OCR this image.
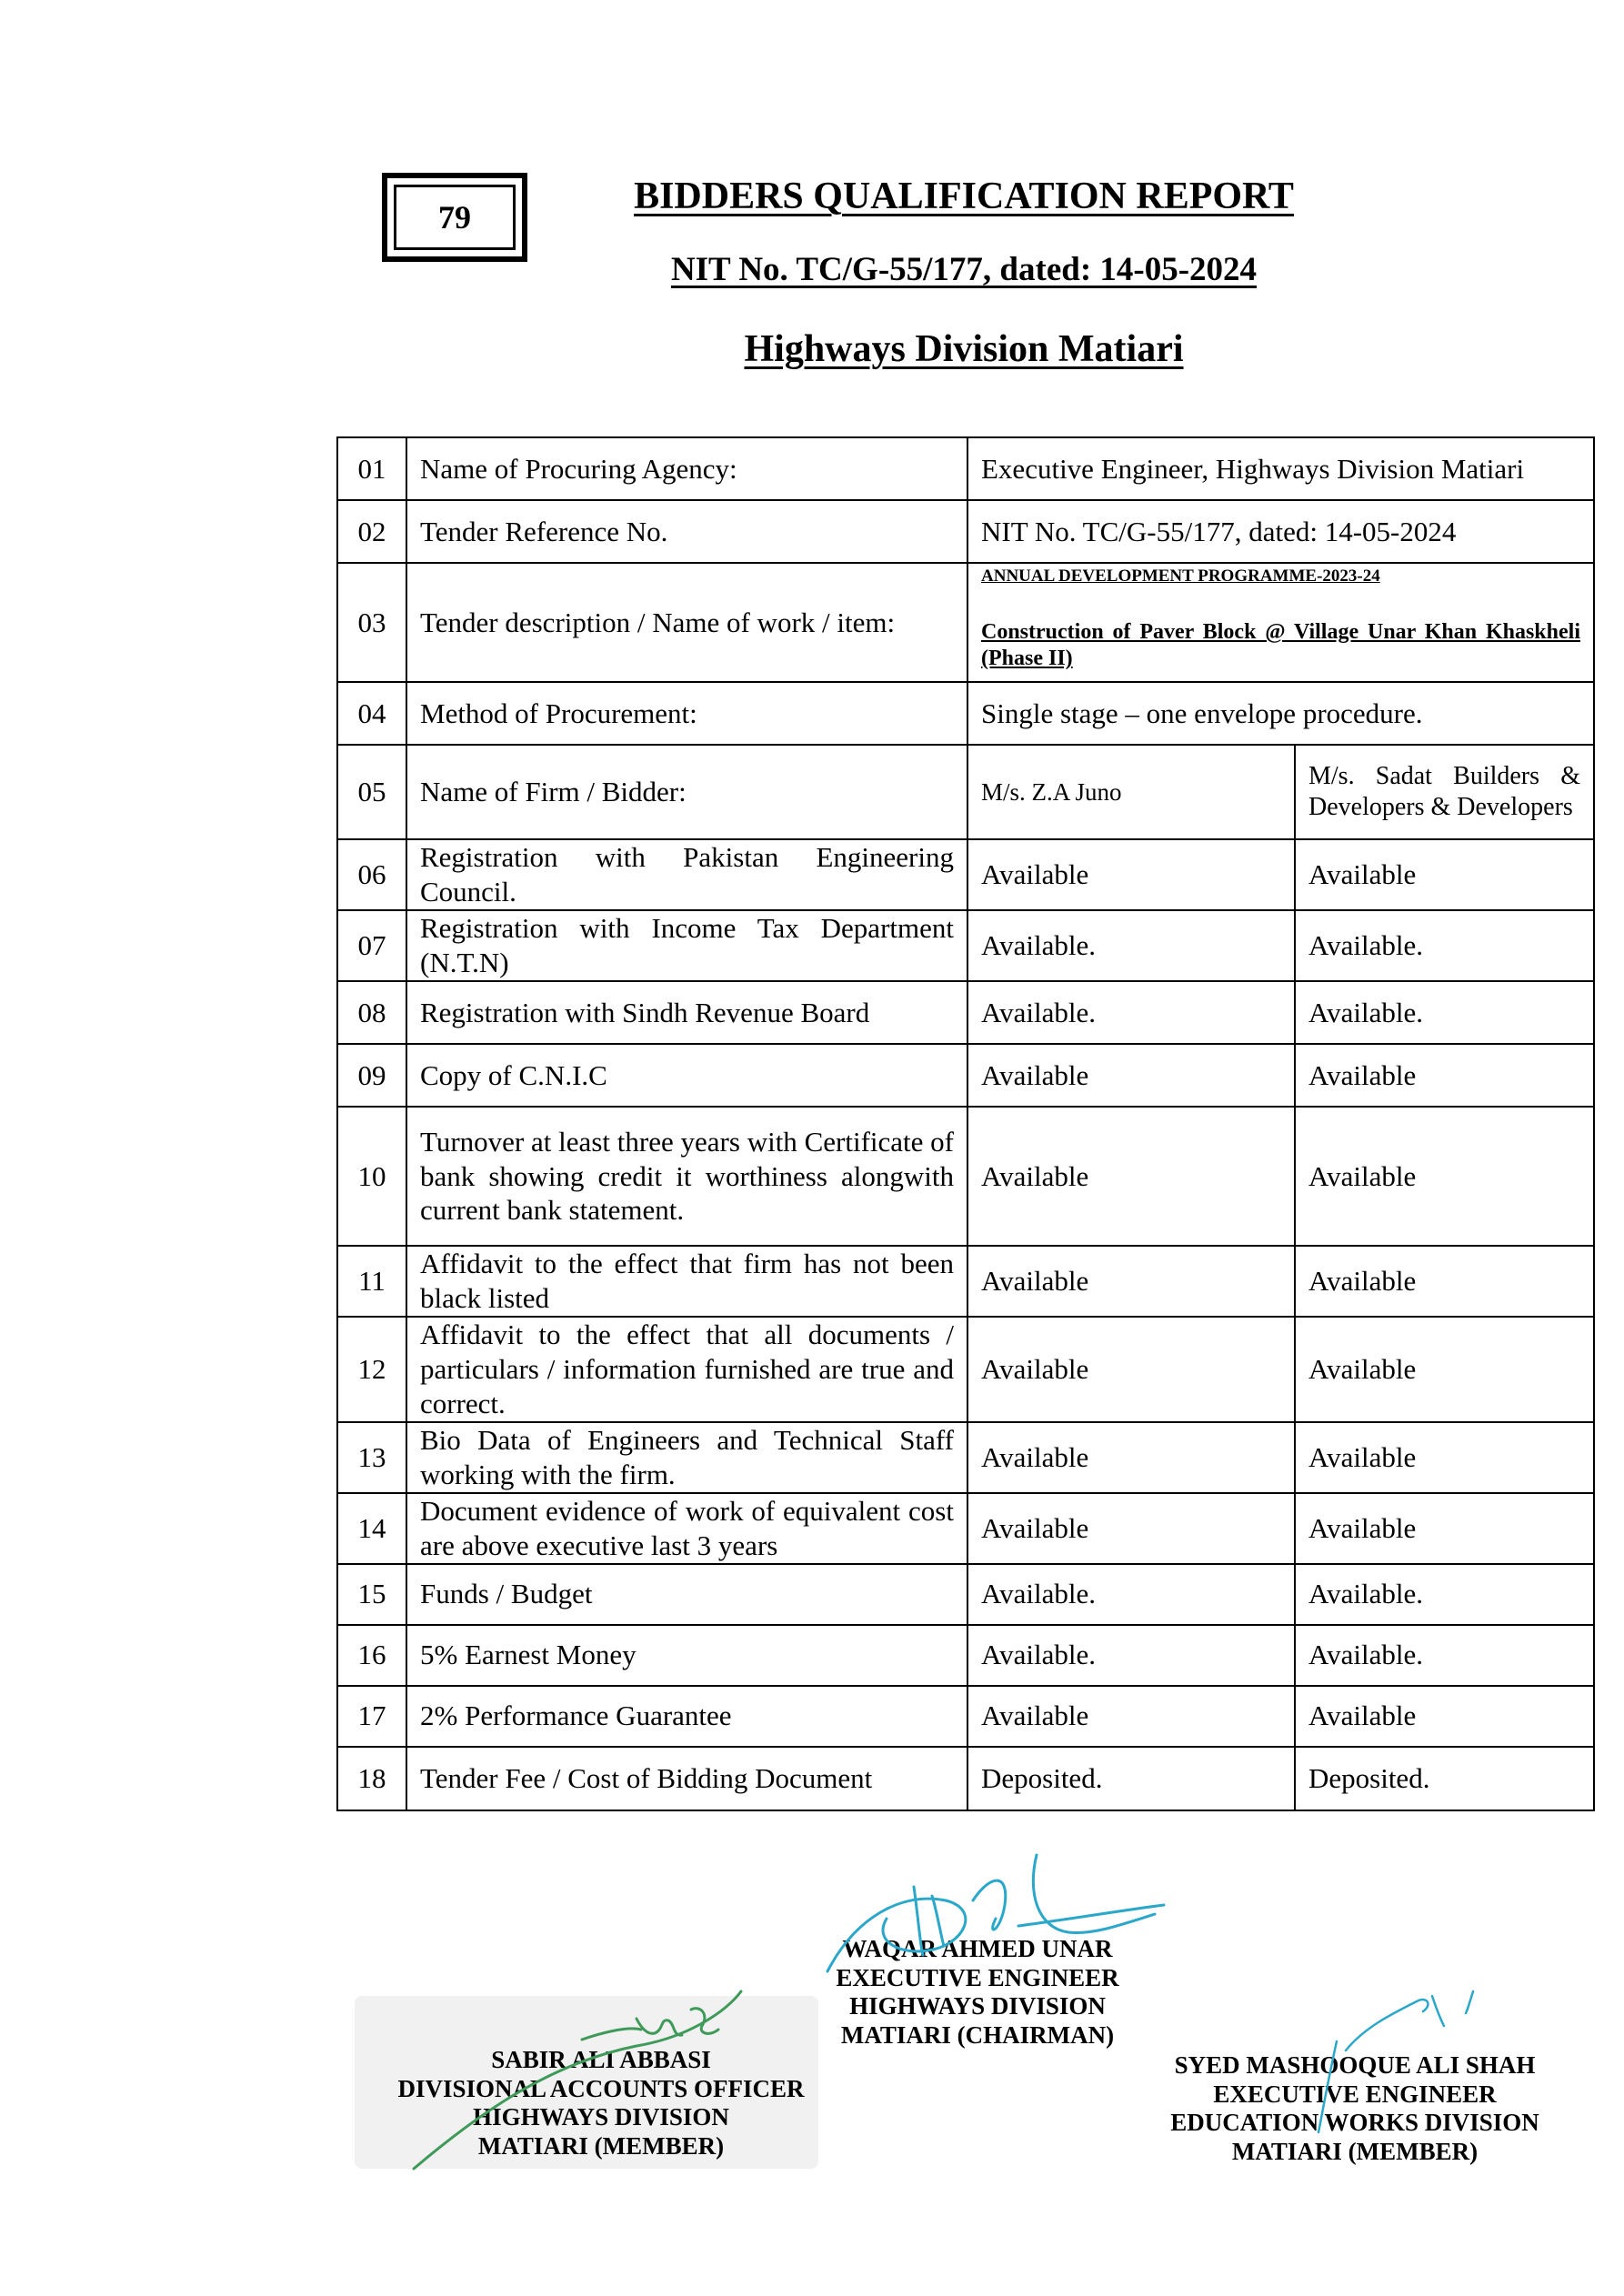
79	BIDDERS QUALIFICATION REPORT
NIT No. TC/G-55/177, dated: 14-05-2024
Highways Division Matiari
01	Name of Procuring Agency:	Executive Engineer, Highways Division Matiari	
02	Tender Reference No.	NIT No. TC/G-55/177, dated: 14-05-2024	
03	Tender description / Name of work / item:	ANNUAL DEVELOPMENT PROGRAMME-2023-24
Construction of Paver Block @ Village Unar Khan Khaskheli (Phase II)	

04	Method of Procurement:	Single stage – one envelope procedure.	
05	Name of Firm / Bidder:	M/s. Z.A Juno	M/s. Sadat Builders & Developers & Developers
06	Registration with Pakistan Engineering Council.	Available	Available
07	Registration with Income Tax Department (N.T.N)	Available.	Available.
08	Registration with Sindh Revenue Board	Available.	Available.
09	Copy of C.N.I.C	Available	Available
10	Turnover at least three years with Certificate of bank showing credit it worthiness alongwith current bank statement.	Available	Available
11	Affidavit to the effect that firm has not been black listed	Available	Available
12	Affidavit to the effect that all documents / particulars / information furnished are true and correct.	Available	Available
13	Bio Data of Engineers and Technical Staff working with the firm.	Available	Available
14	Document evidence of work of equivalent cost are above executive last 3 years	Available	Available
15	Funds / Budget	Available.	Available.
16	5% Earnest Money	Available.	Available.
17	2% Performance Guarantee	Available	Available
18	Tender Fee / Cost of Bidding Document	Deposited.	Deposited.
WAQAR AHMED UNAR
EXECUTIVE ENGINEER
HIGHWAYS DIVISION
MATIARI (CHAIRMAN)
SABIR ALI ABBASI
DIVISIONAL ACCOUNTS OFFICER
HIGHWAYS DIVISION
MATIARI (MEMBER)
SYED MASHOOQUE ALI SHAH
EXECUTIVE ENGINEER
EDUCATION WORKS DIVISION
MATIARI (MEMBER)
